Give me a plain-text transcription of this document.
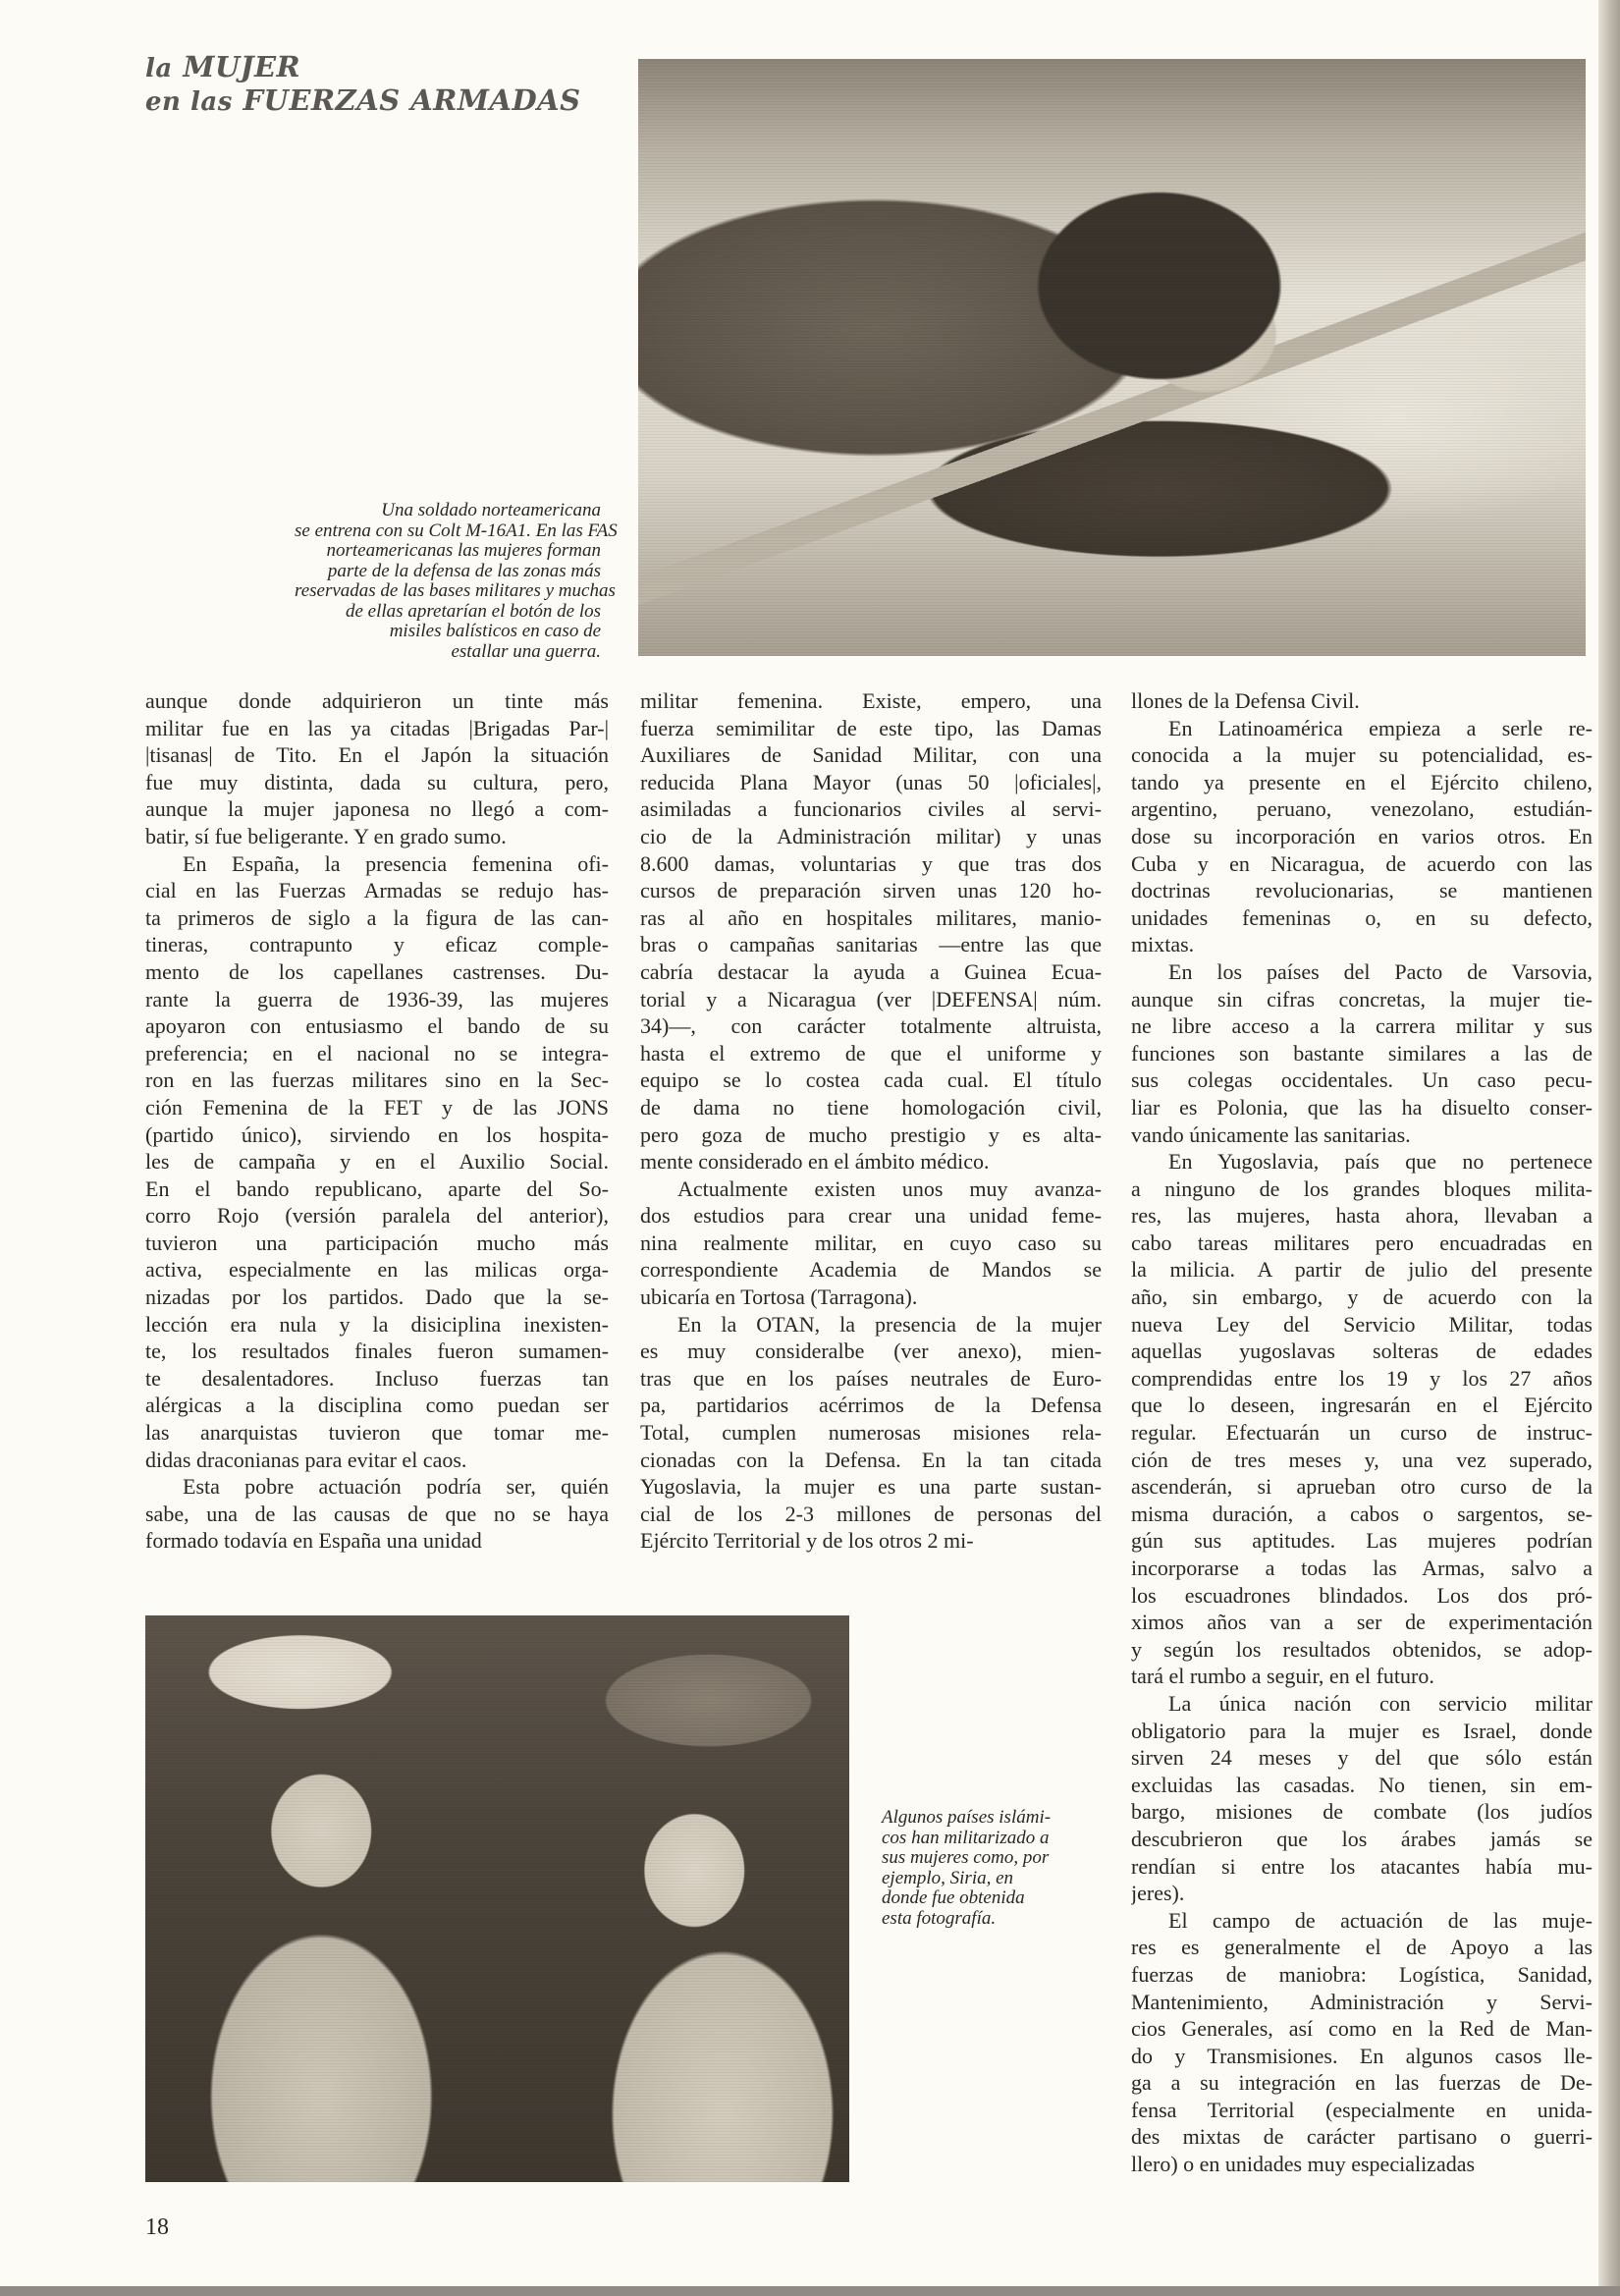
la MUJER
en las FUERZAS ARMADAS
Una soldado norteamericana
se entrena con su Colt M-16A1. En las FAS
norteamericanas las mujeres forman
parte de la defensa de las zonas más
reservadas de las bases militares y muchas
de ellas apretarían el botón de los
misiles balísticos en caso de
estallar una guerra.
Algunos países islámi-
cos han militarizado a
sus mujeres como, por
ejemplo, Siria, en
donde fue obtenida
esta fotografía.

aunque donde adquirieron un tinte más
militar fue en las ya citadas |Brigadas Par-|
|tisanas| de Tito. En el Japón la situación
fue muy distinta, dada su cultura, pero,
aunque la mujer japonesa no llegó a com-
batir, sí fue beligerante. Y en grado sumo.

En España, la presencia femenina ofi-
cial en las Fuerzas Armadas se redujo has-
ta primeros de siglo a la figura de las can-
tineras, contrapunto y eficaz comple-
mento de los capellanes castrenses. Du-
rante la guerra de 1936-39, las mujeres
apoyaron con entusiasmo el bando de su
preferencia; en el nacional no se integra-
ron en las fuerzas militares sino en la Sec-
ción Femenina de la FET y de las JONS
(partido único), sirviendo en los hospita-
les de campaña y en el Auxilio Social.
En el bando republicano, aparte del So-
corro Rojo (versión paralela del anterior),
tuvieron una participación mucho más
activa, especialmente en las milicas orga-
nizadas por los partidos. Dado que la se-
lección era nula y la disiciplina inexisten-
te, los resultados finales fueron sumamen-
te desalentadores. Incluso fuerzas tan
alérgicas a la disciplina como puedan ser
las anarquistas tuvieron que tomar me-
didas draconianas para evitar el caos.

Esta pobre actuación podría ser, quién
sabe, una de las causas de que no se haya
formado todavía en España una unidad

militar femenina. Existe, empero, una
fuerza semimilitar de este tipo, las Damas
Auxiliares de Sanidad Militar, con una
reducida Plana Mayor (unas 50 |oficiales|,
asimiladas a funcionarios civiles al servi-
cio de la Administración militar) y unas
8.600 damas, voluntarias y que tras dos
cursos de preparación sirven unas 120 ho-
ras al año en hospitales militares, manio-
bras o campañas sanitarias —entre las que
cabría destacar la ayuda a Guinea Ecua-
torial y a Nicaragua (ver |DEFENSA| núm.
34)—, con carácter totalmente altruista,
hasta el extremo de que el uniforme y
equipo se lo costea cada cual. El título
de dama no tiene homologación civil,
pero goza de mucho prestigio y es alta-
mente considerado en el ámbito médico.

Actualmente existen unos muy avanza-
dos estudios para crear una unidad feme-
nina realmente militar, en cuyo caso su
correspondiente Academia de Mandos se
ubicaría en Tortosa (Tarragona).

En la OTAN, la presencia de la mujer
es muy consideralbe (ver anexo), mien-
tras que en los países neutrales de Euro-
pa, partidarios acérrimos de la Defensa
Total, cumplen numerosas misiones rela-
cionadas con la Defensa. En la tan citada
Yugoslavia, la mujer es una parte sustan-
cial de los 2-3 millones de personas del
Ejército Territorial y de los otros 2 mi-

llones de la Defensa Civil.

En Latinoamérica empieza a serle re-
conocida a la mujer su potencialidad, es-
tando ya presente en el Ejército chileno,
argentino, peruano, venezolano, estudián-
dose su incorporación en varios otros. En
Cuba y en Nicaragua, de acuerdo con las
doctrinas revolucionarias, se mantienen
unidades femeninas o, en su defecto,
mixtas.

En los países del Pacto de Varsovia,
aunque sin cifras concretas, la mujer tie-
ne libre acceso a la carrera militar y sus
funciones son bastante similares a las de
sus colegas occidentales. Un caso pecu-
liar es Polonia, que las ha disuelto conser-
vando únicamente las sanitarias.

En Yugoslavia, país que no pertenece
a ninguno de los grandes bloques milita-
res, las mujeres, hasta ahora, llevaban a
cabo tareas militares pero encuadradas en
la milicia. A partir de julio del presente
año, sin embargo, y de acuerdo con la
nueva Ley del Servicio Militar, todas
aquellas yugoslavas solteras de edades
comprendidas entre los 19 y los 27 años
que lo deseen, ingresarán en el Ejército
regular. Efectuarán un curso de instruc-
ción de tres meses y, una vez superado,
ascenderán, si aprueban otro curso de la
misma duración, a cabos o sargentos, se-
gún sus aptitudes. Las mujeres podrían
incorporarse a todas las Armas, salvo a
los escuadrones blindados. Los dos pró-
ximos años van a ser de experimentación
y según los resultados obtenidos, se adop-
tará el rumbo a seguir, en el futuro.

La única nación con servicio militar
obligatorio para la mujer es Israel, donde
sirven 24 meses y del que sólo están
excluidas las casadas. No tienen, sin em-
bargo, misiones de combate (los judíos
descubrieron que los árabes jamás se
rendían si entre los atacantes había mu-
jeres).

El campo de actuación de las muje-
res es generalmente el de Apoyo a las
fuerzas de maniobra: Logística, Sanidad,
Mantenimiento, Administración y Servi-
cios Generales, así como en la Red de Man-
do y Transmisiones. En algunos casos lle-
ga a su integración en las fuerzas de De-
fensa Territorial (especialmente en unida-
des mixtas de carácter partisano o guerri-
llero) o en unidades muy especializadas

18
